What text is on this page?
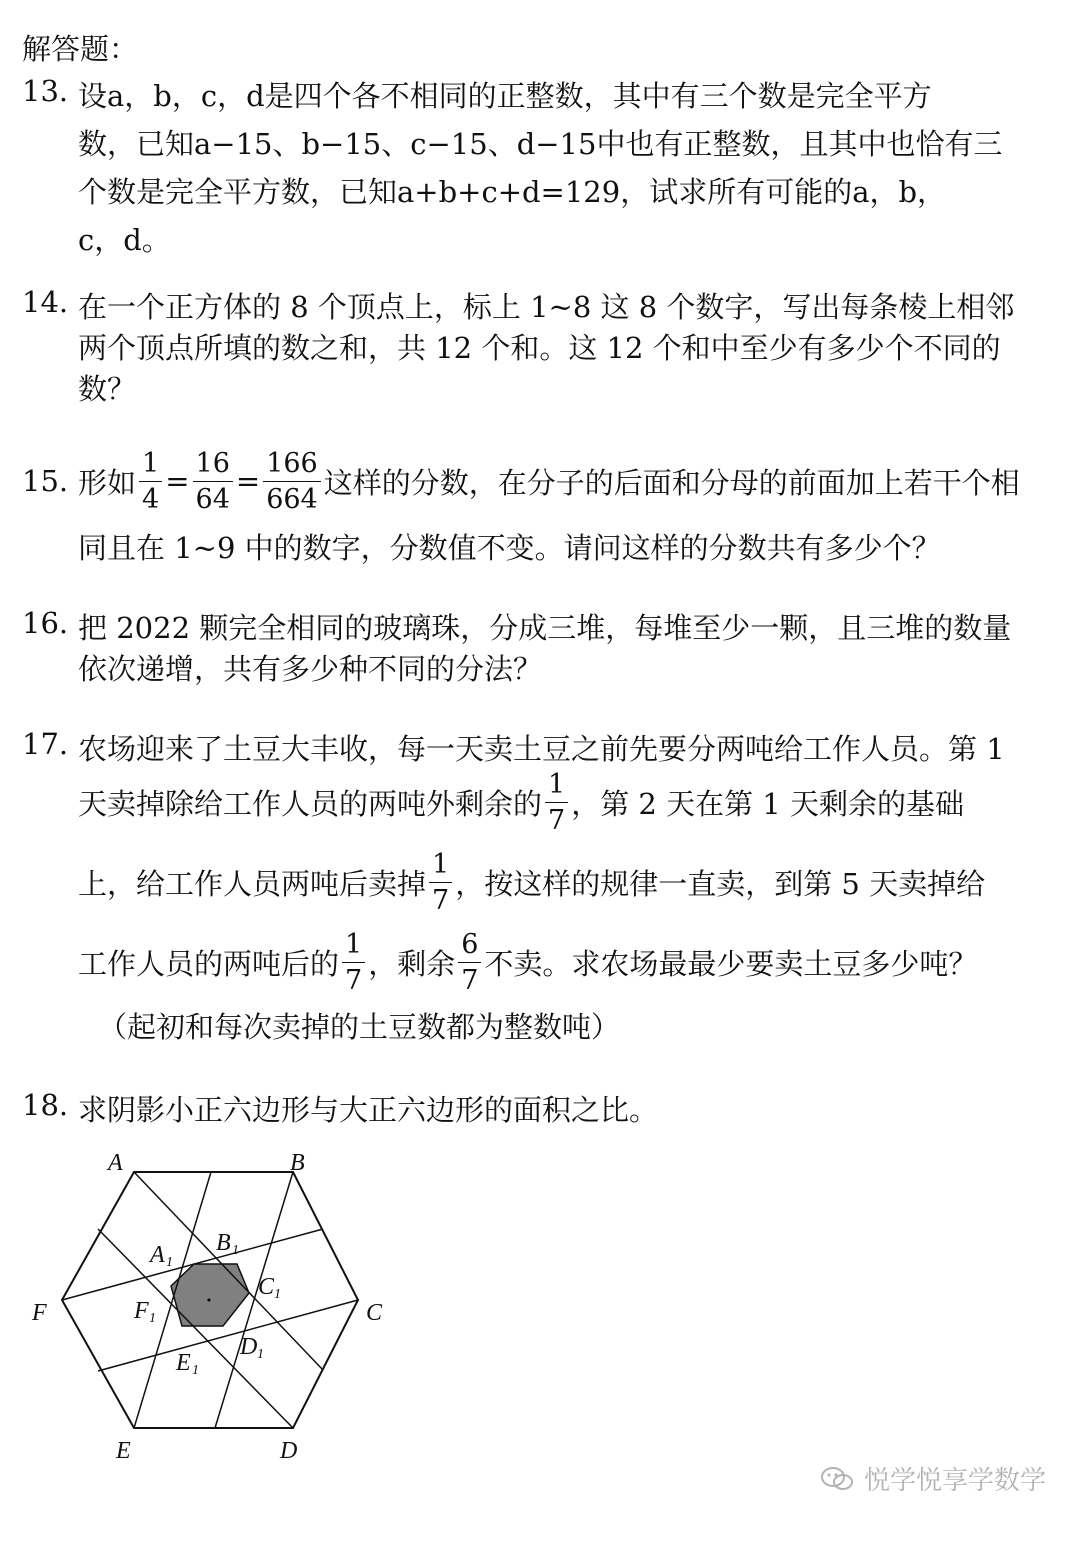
解答题：
13. 设a，b，c，d是四个各不相同的正整数，其中有三个数是完全平方
数，已知a−15、b−15、c−15、d−15中也有正整数，且其中也恰有三
个数是完全平方数，已知a+b+c+d=129，试求所有可能的a，b，
c，d。
14. 在一个正方体的 8 个顶点上，标上 1~8 这 8 个数字，写出每条棱上相邻
两个顶点所填的数之和，共 12 个和。这 12 个和中至少有多少个不同的
数？
15. 形如 $\frac{1}{4} = \frac{16}{64} = \frac{166}{664}$ 这样的分数，在分子的后面和分母的前面加上若干个相
同且在 1~9 中的数字，分数值不变。请问这样的分数共有多少个？
16. 把 2022 颗完全相同的玻璃珠，分成三堆，每堆至少一颗，且三堆的数量
依次递增，共有多少种不同的分法？
17. 农场迎来了土豆大丰收，每一天卖土豆之前先要分两吨给工作人员。第 1
天卖掉除给工作人员的两吨外剩余的 $\frac{1}{7}$ ，第 2 天在第 1 天剩余的基础
上，给工作人员两吨后卖掉 $\frac{1}{7}$ ，按这样的规律一直卖，到第 5 天卖掉给
工作人员的两吨后的 $\frac{1}{7}$ ，剩余 $\frac{6}{7}$ 不卖。求农场最最少要卖土豆多少吨？
（起初和每次卖掉的土豆数都为整数吨）
18. 求阴影小正六边形与大正六边形的面积之比。
A	B
C
D
E
F
A 1
B 1
C 1
D 1
E 1
F 1
悦学悦享学数学
